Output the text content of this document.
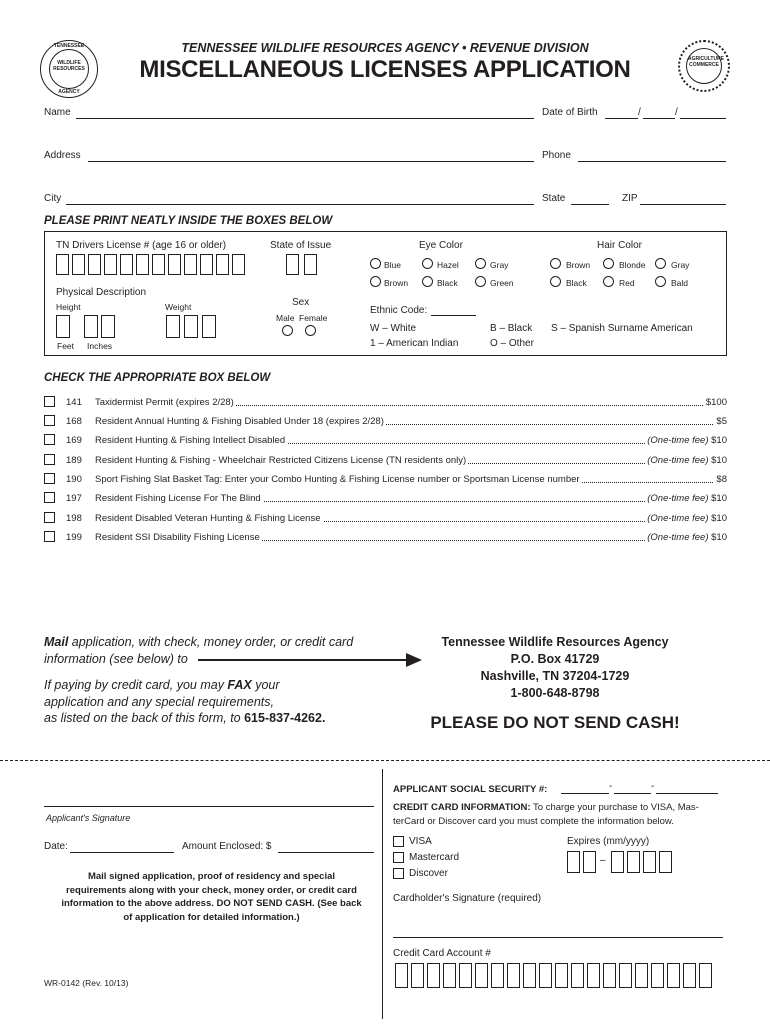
TENNESSEE
WILDLIFE RESOURCES
AGENCY
AGRICULTURE COMMERCE
TENNESSEE WILDLIFE RESOURCES AGENCY • REVENUE DIVISION
MISCELLANEOUS LICENSES APPLICATION
Name	Date of Birth	/	/
Address	Phone
City	State	ZIP
PLEASE PRINT NEATLY INSIDE THE BOXES BELOW
TN Drivers License # (age 16 or older)	State of Issue	Eye Color
Blue	Hazel	Gray
Brown	Black	Green
Hair Color
Brown	Blonde	Gray
Black	Red	Bald
Physical Description
Height	Weight
Feet Inches
Sex
Male Female
Ethnic Code:
W – White	B – Black S – Spanish Surname American
1 – American Indian	O – Other
CHECK THE APPROPRIATE BOX BELOW
141 Taxidermist Permit (expires 2/28)	$100
168 Resident Annual Hunting & Fishing Disabled Under 18 (expires 2/28)	$5
169 Resident Hunting & Fishing Intellect Disabled	(One-time fee) $10
189 Resident Hunting & Fishing - Wheelchair Restricted Citizens License (TN residents only)	(One-time fee) $10
190 Sport Fishing Slat Basket Tag: Enter your Combo Hunting & Fishing License number or Sportsman License number	$8
197 Resident Fishing License For The Blind	(One-time fee) $10
198 Resident Disabled Veteran Hunting & Fishing License	(One-time fee) $10
199 Resident SSI Disability Fishing License	(One-time fee) $10
Mail application, with check, money order, or credit card
information (see below) to
If paying by credit card, you may FAX your
application and any special requirements,
as listed on the back of this form, to 615-837-4262.
Tennessee Wildlife Resources Agency
P.O. Box 41729
Nashville, TN 37204-1729
1-800-648-8798
PLEASE DO NOT SEND CASH!
Applicant's Signature
Date:	Amount Enclosed: $
Mail signed application, proof of residency and special
requirements along with your check, money order, or credit card
information to the above address. DO NOT SEND CASH. (See back
of application for detailed information.)
WR-0142 (Rev. 10/13)
APPLICANT SOCIAL SECURITY #:	-	-
CREDIT CARD INFORMATION: To charge your purchase to VISA, Mas-
terCard or Discover card you must complete the information below.
VISA
Mastercard
Discover
Expires (mm/yyyy)
–
Cardholder's Signature (required)
Credit Card Account #
